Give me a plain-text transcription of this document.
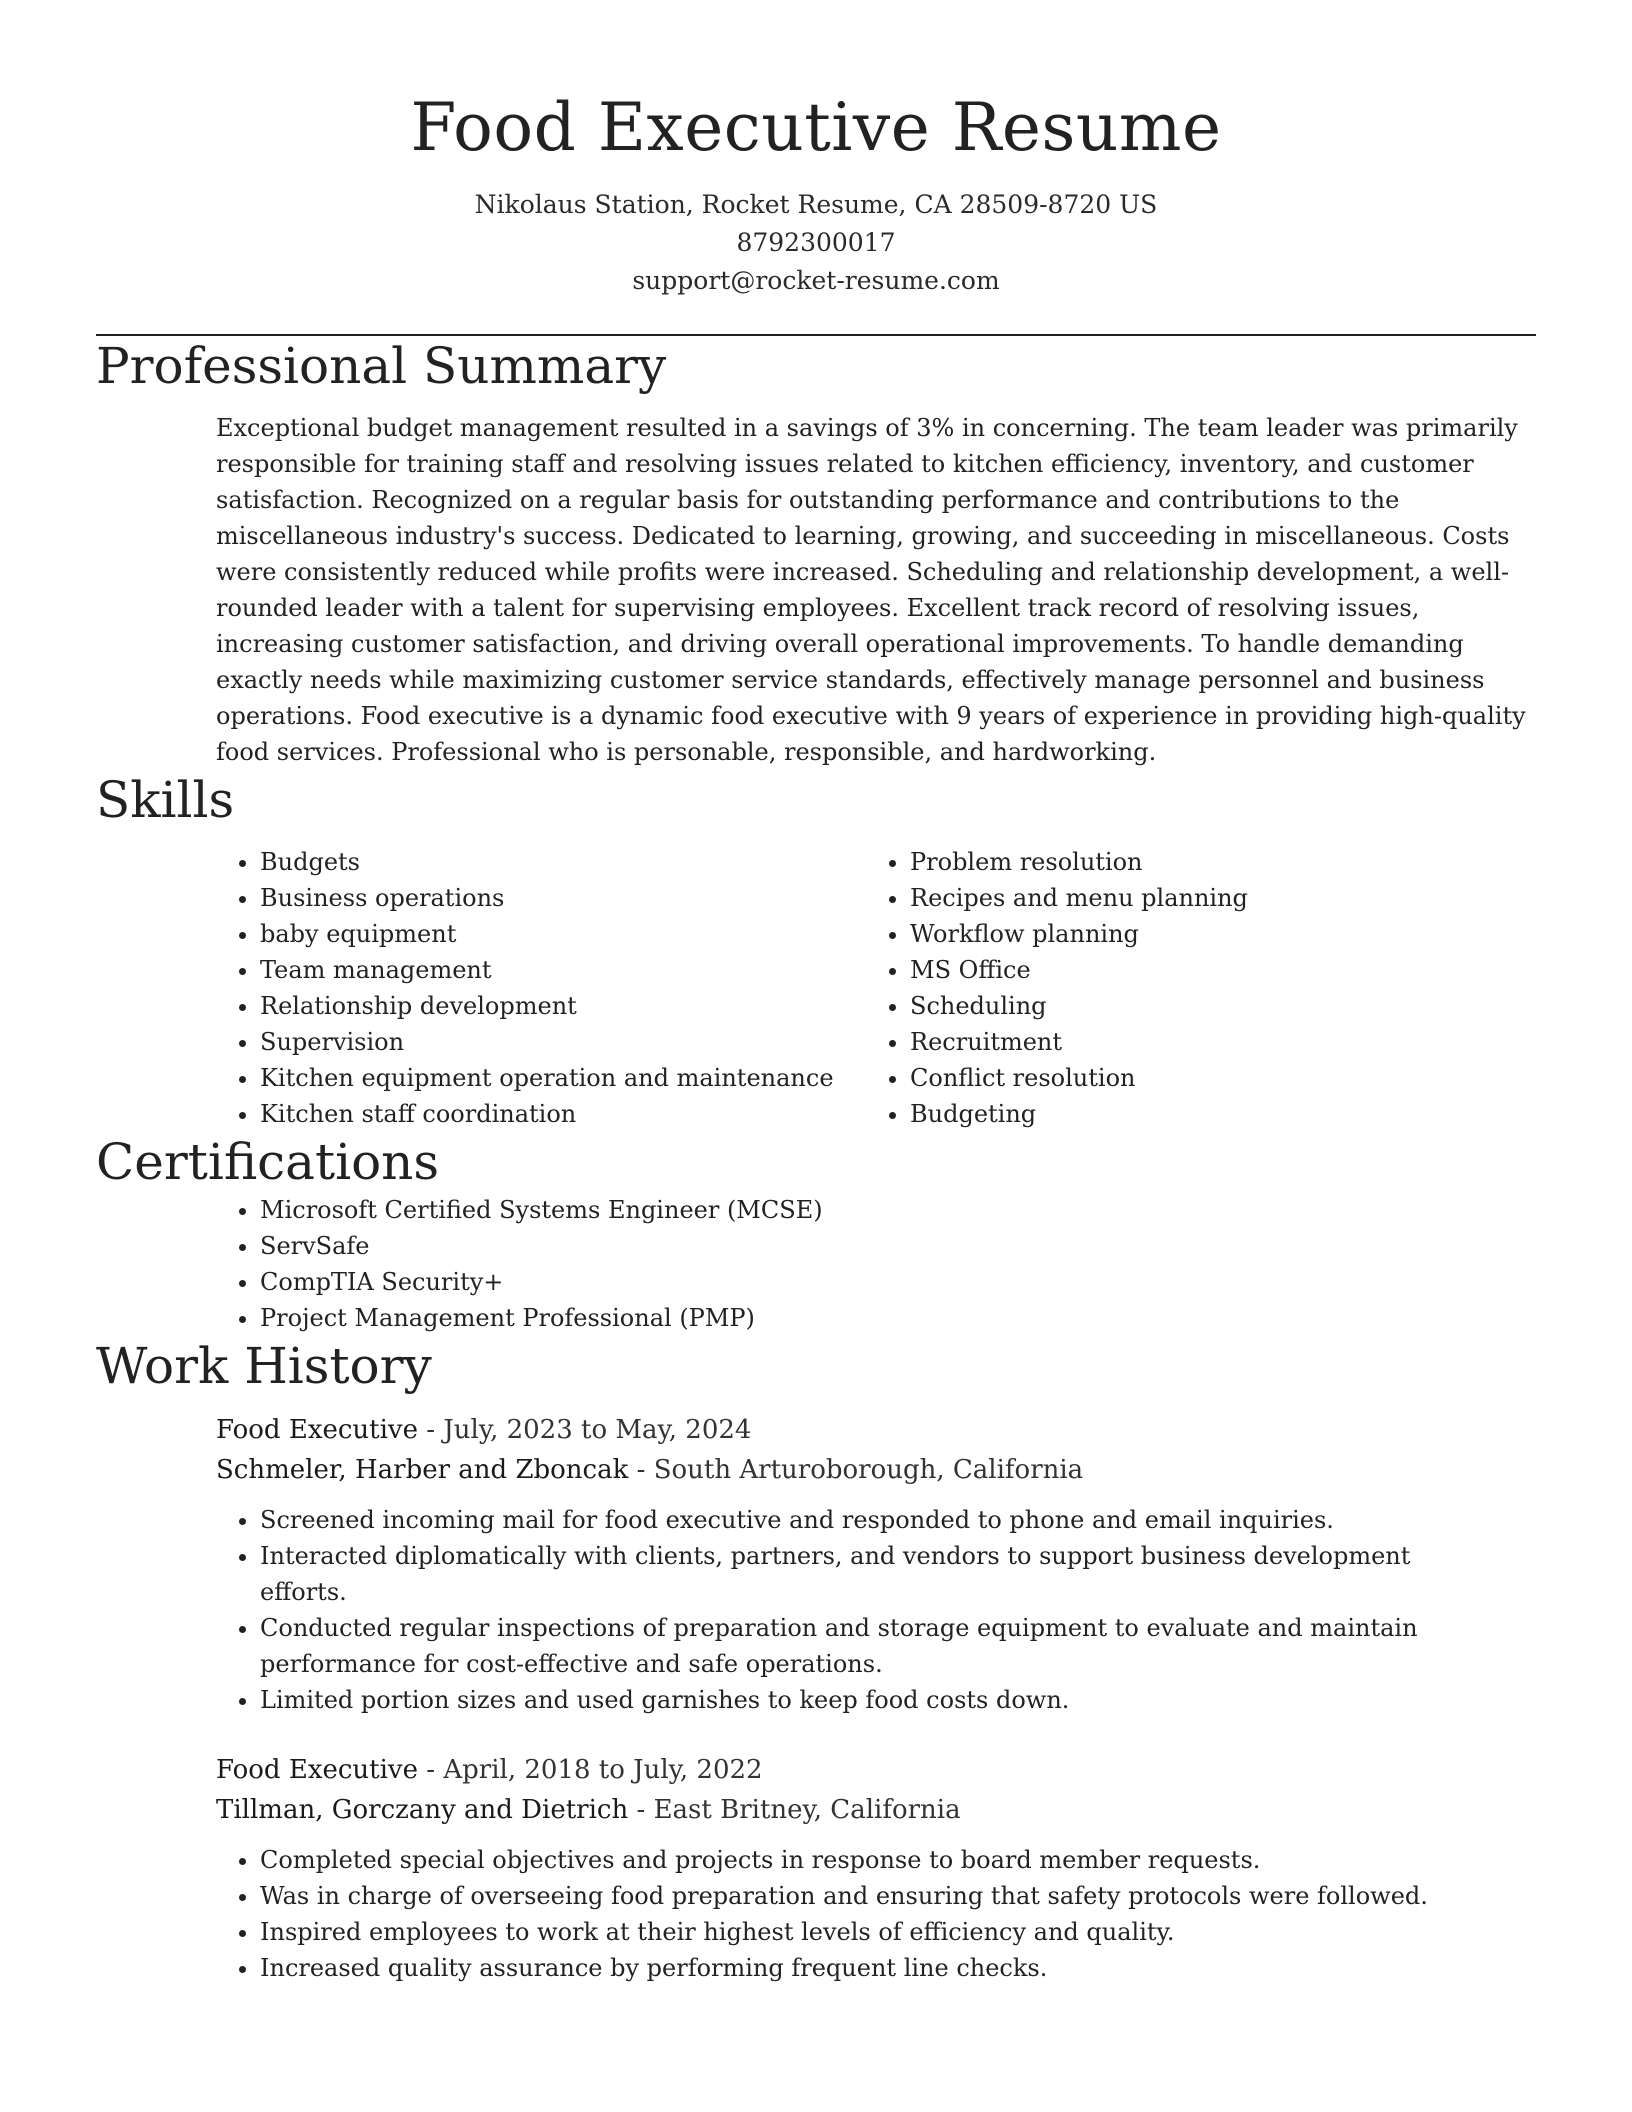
Food Executive Resume
Nikolaus Station, Rocket Resume, CA 28509-8720 US
8792300017
support@rocket-resume.com
Professional Summary

Exceptional budget management resulted in a savings of 3% in concerning. The team leader was primarily responsible for training staff and resolving issues related to kitchen efficiency, inventory, and customer satisfaction. Recognized on a regular basis for outstanding performance and contributions to the miscellaneous industry's success. Dedicated to learning, growing, and succeeding in miscellaneous. Costs were consistently reduced while profits were increased. Scheduling and relationship development, a well-rounded leader with a talent for supervising employees. Excellent track record of resolving issues, increasing customer satisfaction, and driving overall operational improvements. To handle demanding exactly needs while maximizing customer service standards, effectively manage personnel and business operations. Food executive is a dynamic food executive with 9 years of experience in providing high-quality food services. Professional who is personable, responsible, and hardworking.

Skills
• Budgets
• Business operations
• baby equipment
• Team management
• Relationship development
• Supervision
• Kitchen equipment operation and maintenance
• Kitchen staff coordination
• Problem resolution
• Recipes and menu planning
• Workflow planning
• MS Office
• Scheduling
• Recruitment
• Conflict resolution
• Budgeting
Certifications
• Microsoft Certified Systems Engineer (MCSE)
• ServSafe
• CompTIA Security+
• Project Management Professional (PMP)
Work History
Food Executive - July, 2023 to May, 2024
Schmeler, Harber and Zboncak - South Arturoborough, California
• Screened incoming mail for food executive and responded to phone and email inquiries.
• Interacted diplomatically with clients, partners, and vendors to support business development efforts.
• Conducted regular inspections of preparation and storage equipment to evaluate and maintain performance for cost-effective and safe operations.
• Limited portion sizes and used garnishes to keep food costs down.
Food Executive - April, 2018 to July, 2022
Tillman, Gorczany and Dietrich - East Britney, California
• Completed special objectives and projects in response to board member requests.
• Was in charge of overseeing food preparation and ensuring that safety protocols were followed.
• Inspired employees to work at their highest levels of efficiency and quality.
• Increased quality assurance by performing frequent line checks.
